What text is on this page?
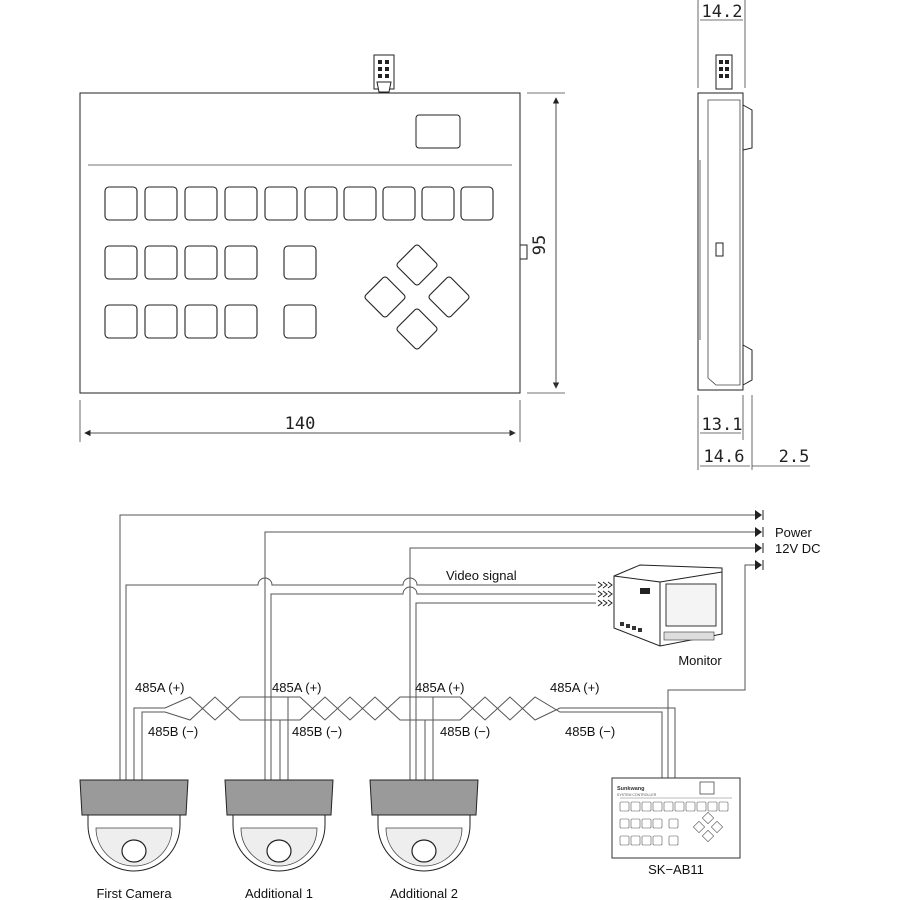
95
140
14.2
13.1
14.6 2.5
Power
12V DC
Video signal
Monitor
485A (+)	485A (+)	485A (+)	485A (+)
485B (−)	485B (−)	485B (−)	485B (−)
First Camera	Additional 1	Additional 2
Sunkwang
SYSTEM CONTROLLER
SK−AB11
